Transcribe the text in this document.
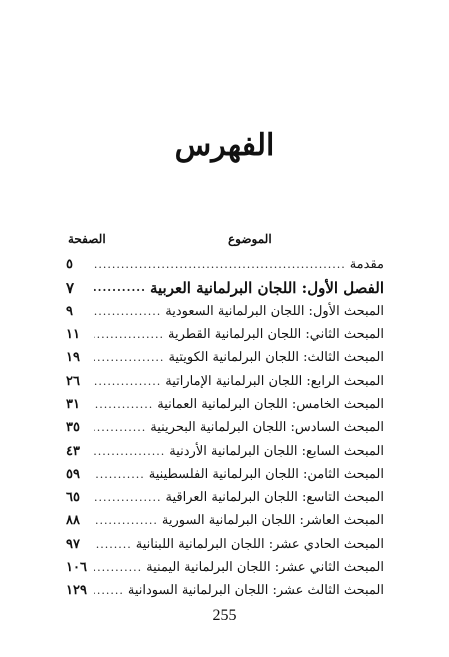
الفهرس
الموضوع
الصفحة
مقدمة
.....
٥
الفصل الأول: اللجان البرلمانية العربية
.....
٧
المبحث الأول: اللجان البرلمانية السعودية
.....
٩
المبحث الثاني: اللجان البرلمانية القطرية
.....
١١
المبحث الثالث: اللجان البرلمانية الكويتية
.....
١٩
المبحث الرابع: اللجان البرلمانية الإماراتية
.....
٢٦
المبحث الخامس: اللجان البرلمانية العمانية
.....
٣١
المبحث السادس: اللجان البرلمانية البحرينية
.....
٣٥
المبحث السابع: اللجان البرلمانية الأردنية
.....
٤٣
المبحث الثامن: اللجان البرلمانية الفلسطينية
.....
٥٩
المبحث التاسع: اللجان البرلمانية العراقية
.....
٦٥
المبحث العاشر: اللجان البرلمانية السورية
.....
٨٨
المبحث الحادي عشر: اللجان البرلمانية اللبنانية
.....
٩٧
المبحث الثاني عشر: اللجان البرلمانية اليمنية
.....
١٠٦
المبحث الثالث عشر: اللجان البرلمانية السودانية
.....
١٢٩
255
